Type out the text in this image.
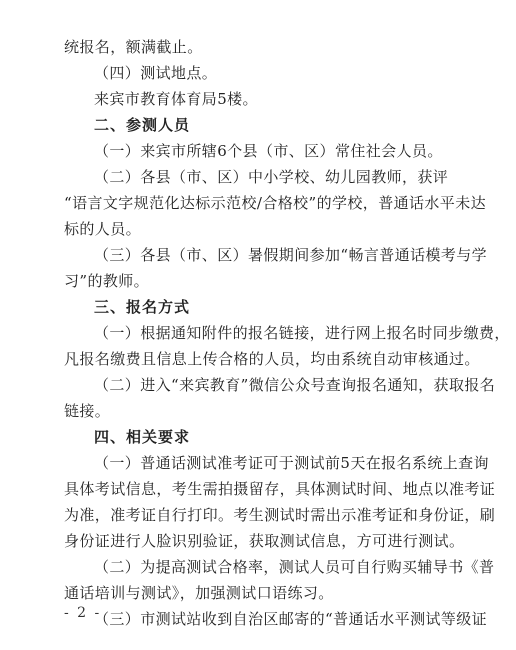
统报名，额满截止。
（四）测试地点。
来宾市教育体育局5楼。
二、参测人员
（一）来宾市所辖6个县（市、区）常住社会人员。
（二）各县（市、区）中小学校、幼儿园教师，获评
“语言文字规范化达标示范校/合格校”的学校，普通话水平未达
标的人员。
（三）各县（市、区）暑假期间参加“畅言普通话模考与学
习”的教师。
三、报名方式
（一）根据通知附件的报名链接，进行网上报名时同步缴费，
凡报名缴费且信息上传合格的人员，均由系统自动审核通过。
（二）进入“来宾教育”微信公众号查询报名通知，获取报名
链接。
四、相关要求
（一）普通话测试准考证可于测试前5天在报名系统上查询
具体考试信息，考生需拍摄留存，具体测试时间、地点以准考证
为准，准考证自行打印。考生测试时需出示准考证和身份证，刷
身份证进行人脸识别验证，获取测试信息，方可进行测试。
（二）为提高测试合格率，测试人员可自行购买辅导书《普
通话培训与测试》，加强测试口语练习。
（三）市测试站收到自治区邮寄的“普通话水平测试等级证
- 2 -
